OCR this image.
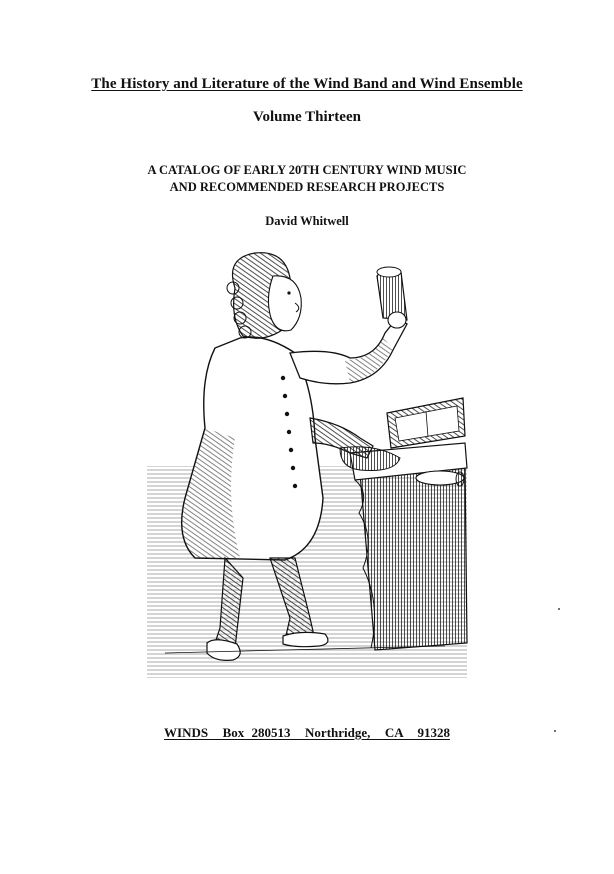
The History and Literature of the Wind Band and Wind Ensemble
Volume Thirteen
A CATALOG OF EARLY 20TH CENTURY WIND MUSIC
AND RECOMMENDED RESEARCH PROJECTS
David Whitwell
WINDS  Box 280513  Northridge,  CA  91328
